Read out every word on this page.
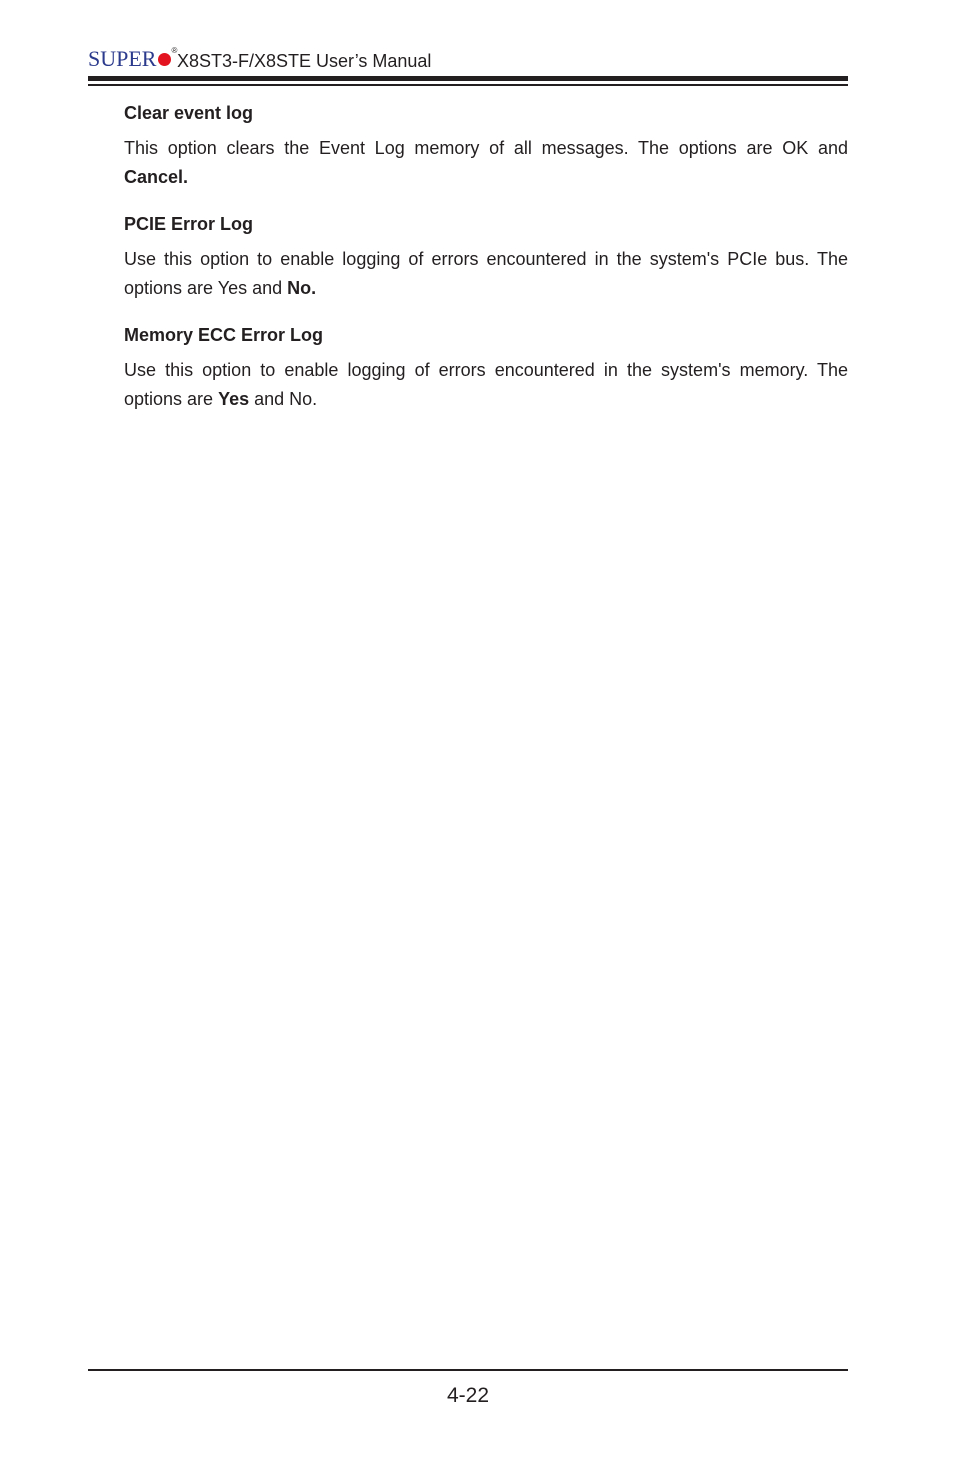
SUPER ®
X8ST3-F/X8STE User’s Manual
Clear event log

This option clears the Event Log memory of all messages. The options are OK and Cancel.

PCIE Error Log

Use this option to enable logging of errors encountered in the system's PCIe bus. The options are Yes and No.

Memory ECC Error Log

Use this option to enable logging of errors encountered in the system's memory. The options are Yes and No.

4-22
